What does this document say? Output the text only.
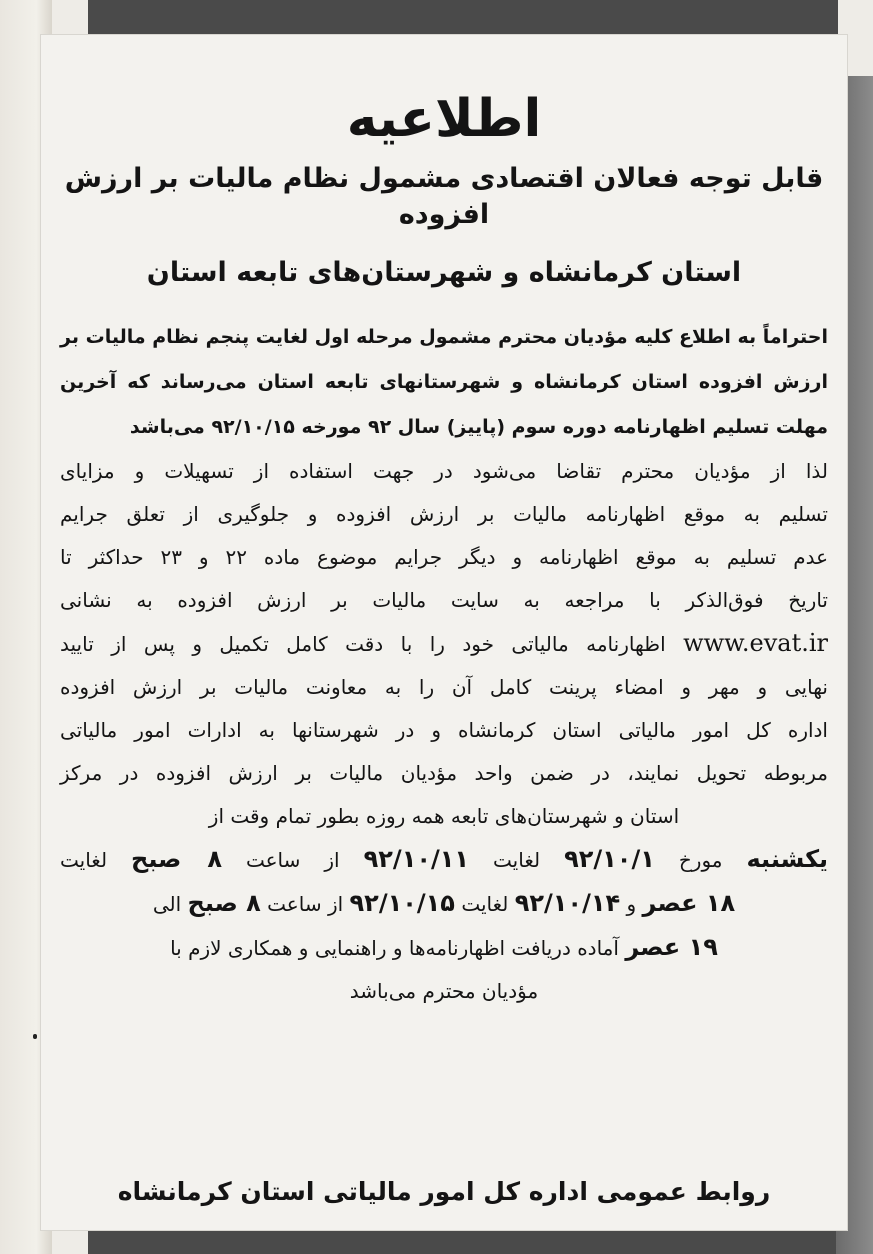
اطلاعیه
قابل توجه فعالان اقتصادی مشمول نظام مالیات بر ارزش افزوده
استان کرمانشاه و شهرستان‌های تابعه استان
احتراماً به اطلاع کلیه مؤدیان محترم مشمول مرحله اول لغایت پنجم نظام مالیات بر ارزش افزوده استان کرمانشاه و شهرستانهای تابعه استان می‌رساند که آخرین مهلت تسلیم اظهارنامه دوره سوم (پاییز) سال ۹۲ مورخه ۹۲/۱۰/۱۵ می‌باشد
لذا از مؤدیان محترم تقاضا می‌شود در جهت استفاده از تسهیلات و مزایای
تسلیم به موقع اظهارنامه مالیات بر ارزش افزوده و جلوگیری از تعلق جرایم
عدم تسلیم به موقع اظهارنامه و دیگر جرایم موضوع ماده ۲۲ و ۲۳ حداکثر تا
تاریخ فوق‌الذکر با مراجعه به سایت مالیات بر ارزش افزوده به نشانی
www.evat.ir اظهارنامه مالیاتی خود را با دقت کامل تکمیل و پس از تایید
نهایی و مهر و امضاء پرینت کامل آن را به معاونت مالیات بر ارزش افزوده
اداره کل امور مالیاتی استان کرمانشاه و در شهرستانها به ادارات امور مالیاتی
مربوطه تحویل نمایند، در ضمن واحد مؤدیان مالیات بر ارزش افزوده در مرکز
استان و شهرستان‌های تابعه همه روزه بطور تمام وقت از
یکشنبه مورخ ۹۲/۱۰/۱ لغایت ۹۲/۱۰/۱۱ از ساعت ۸ صبح لغایت
۱۸ عصر و ۹۲/۱۰/۱۴ لغایت ۹۲/۱۰/۱۵ از ساعت ۸ صبح الی
۱۹ عصر آماده دریافت اظهارنامه‌ها و راهنمایی و همکاری لازم با
مؤدیان محترم می‌باشد
روابط عمومی اداره کل امور مالیاتی استان کرمانشاه
